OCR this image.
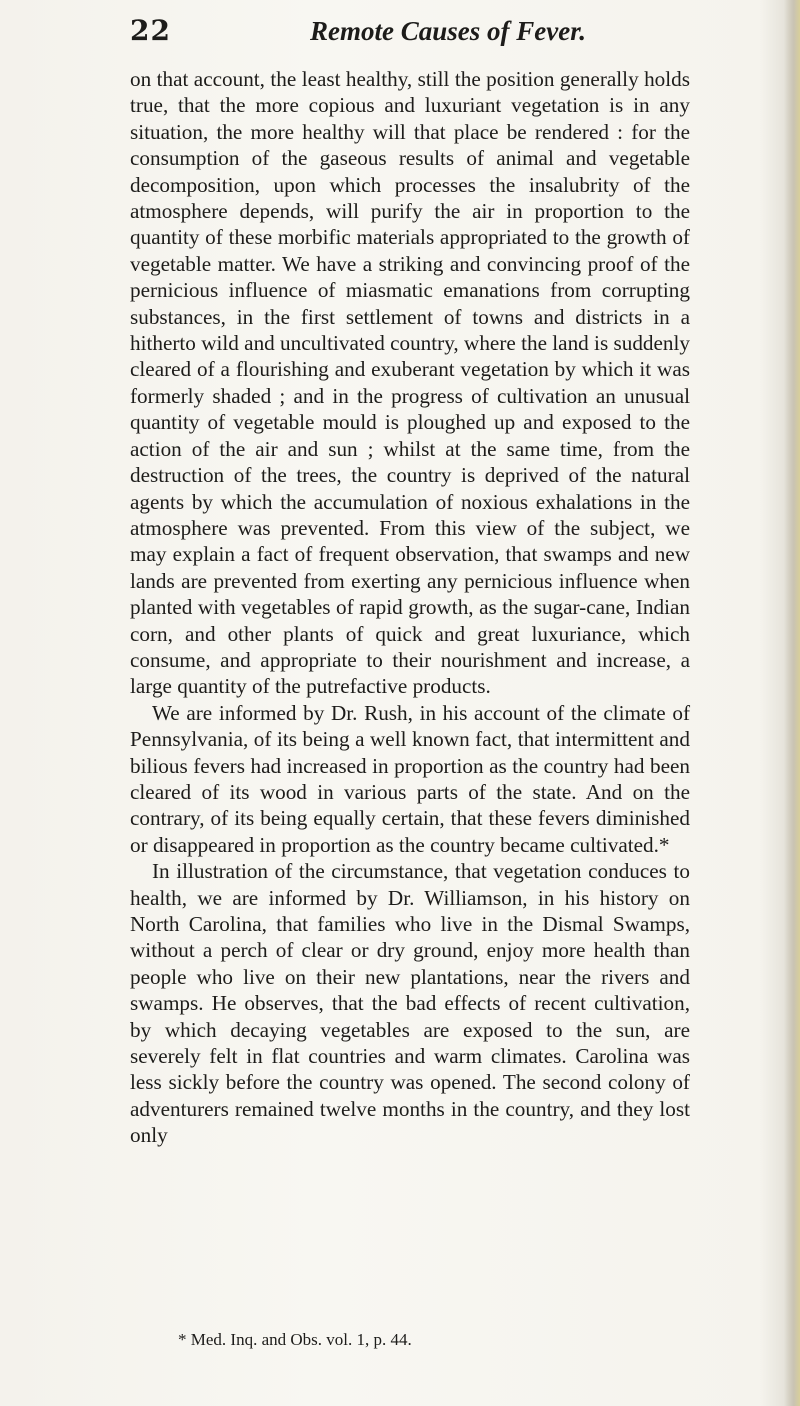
22	Remote Causes of Fever.

on that account, the least healthy, still the position generally holds true, that the more copious and luxuriant vegetation is in any situation, the more healthy will that place be rendered : for the consumption of the gaseous results of animal and vegetable decomposition, upon which processes the insalubrity of the atmosphere depends, will purify the air in proportion to the quantity of these morbific materials appropriated to the growth of vegetable matter. We have a striking and convincing proof of the pernicious influence of miasmatic emanations from corrupting substances, in the first settlement of towns and districts in a hitherto wild and uncultivated country, where the land is suddenly cleared of a flourishing and exuberant vegetation by which it was formerly shaded ; and in the progress of cultivation an unusual quantity of vegetable mould is ploughed up and exposed to the action of the air and sun ; whilst at the same time, from the destruction of the trees, the country is deprived of the natural agents by which the accumulation of noxious exhalations in the atmosphere was prevented. From this view of the subject, we may explain a fact of frequent observation, that swamps and new lands are prevented from exerting any pernicious influence when planted with vegetables of rapid growth, as the sugar-cane, Indian corn, and other plants of quick and great luxuriance, which consume, and appropriate to their nourishment and increase, a large quantity of the putrefactive products.

We are informed by Dr. Rush, in his account of the climate of Pennsylvania, of its being a well known fact, that intermittent and bilious fevers had increased in proportion as the country had been cleared of its wood in various parts of the state. And on the contrary, of its being equally certain, that these fevers diminished or disappeared in proportion as the country became cultivated.*

In illustration of the circumstance, that vegetation conduces to health, we are informed by Dr. Williamson, in his history on North Carolina, that families who live in the Dismal Swamps, without a perch of clear or dry ground, enjoy more health than people who live on their new plantations, near the rivers and swamps. He observes, that the bad effects of recent cultivation, by which decaying vegetables are exposed to the sun, are severely felt in flat countries and warm climates. Carolina was less sickly before the country was opened. The second colony of adventurers remained twelve months in the country, and they lost only

* Med. Inq. and Obs. vol. 1, p. 44.
